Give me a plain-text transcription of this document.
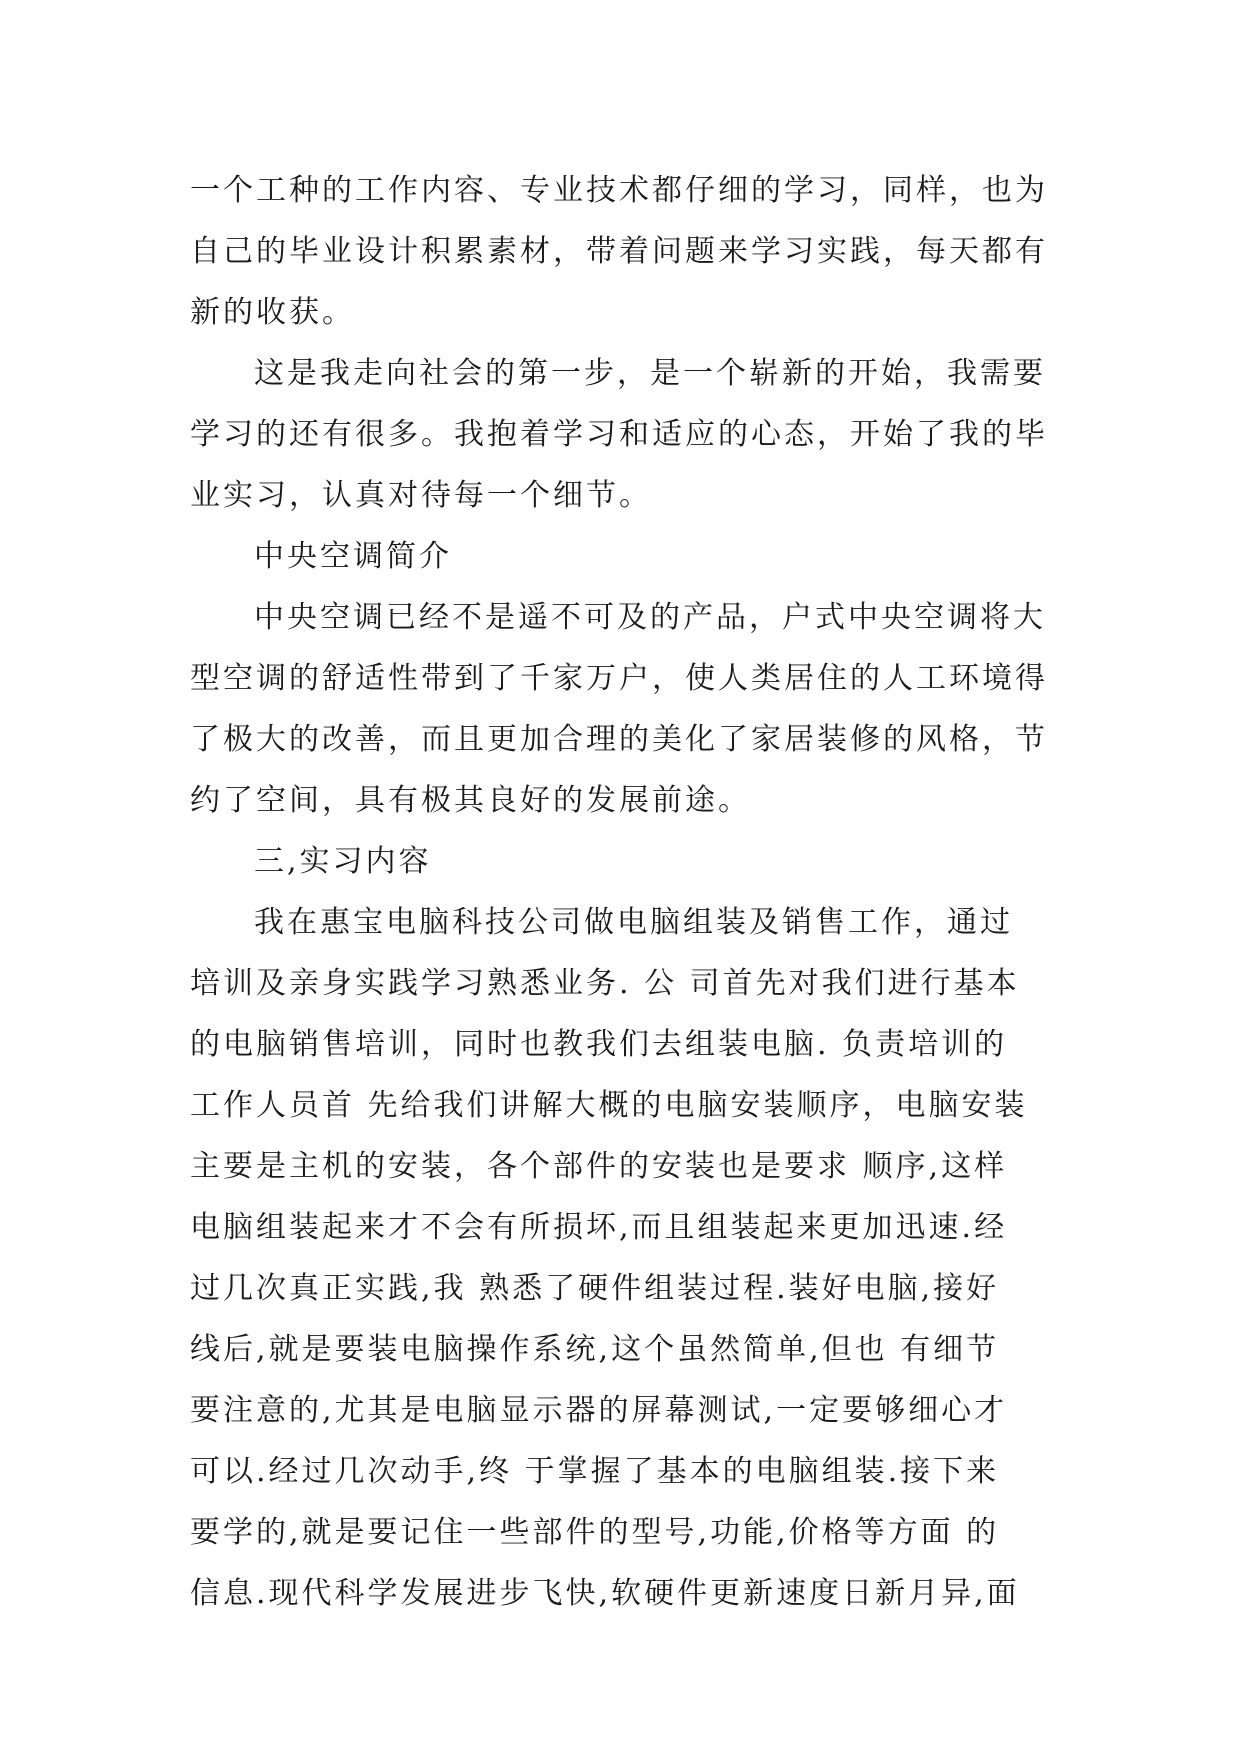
一个工种的工作内容、专业技术都仔细的学习，同样，也为
自己的毕业设计积累素材，带着问题来学习实践，每天都有
新的收获。
这是我走向社会的第一步，是一个崭新的开始，我需要
学习的还有很多。我抱着学习和适应的心态，开始了我的毕
业实习，认真对待每一个细节。
中央空调简介
中央空调已经不是遥不可及的产品，户式中央空调将大
型空调的舒适性带到了千家万户，使人类居住的人工环境得
了极大的改善，而且更加合理的美化了家居装修的风格，节
约了空间，具有极其良好的发展前途。
三,实习内容
我在惠宝电脑科技公司做电脑组装及销售工作，通过
培训及亲身实践学习熟悉业务. 公 司首先对我们进行基本
的电脑销售培训，同时也教我们去组装电脑. 负责培训的
工作人员首 先给我们讲解大概的电脑安装顺序，电脑安装
主要是主机的安装，各个部件的安装也是要求 顺序,这样
电脑组装起来才不会有所损坏,而且组装起来更加迅速.经
过几次真正实践,我 熟悉了硬件组装过程.装好电脑,接好
线后,就是要装电脑操作系统,这个虽然简单,但也 有细节
要注意的,尤其是电脑显示器的屏幕测试,一定要够细心才
可以.经过几次动手,终 于掌握了基本的电脑组装.接下来
要学的,就是要记住一些部件的型号,功能,价格等方面 的
信息.现代科学发展进步飞快,软硬件更新速度日新月异,面
